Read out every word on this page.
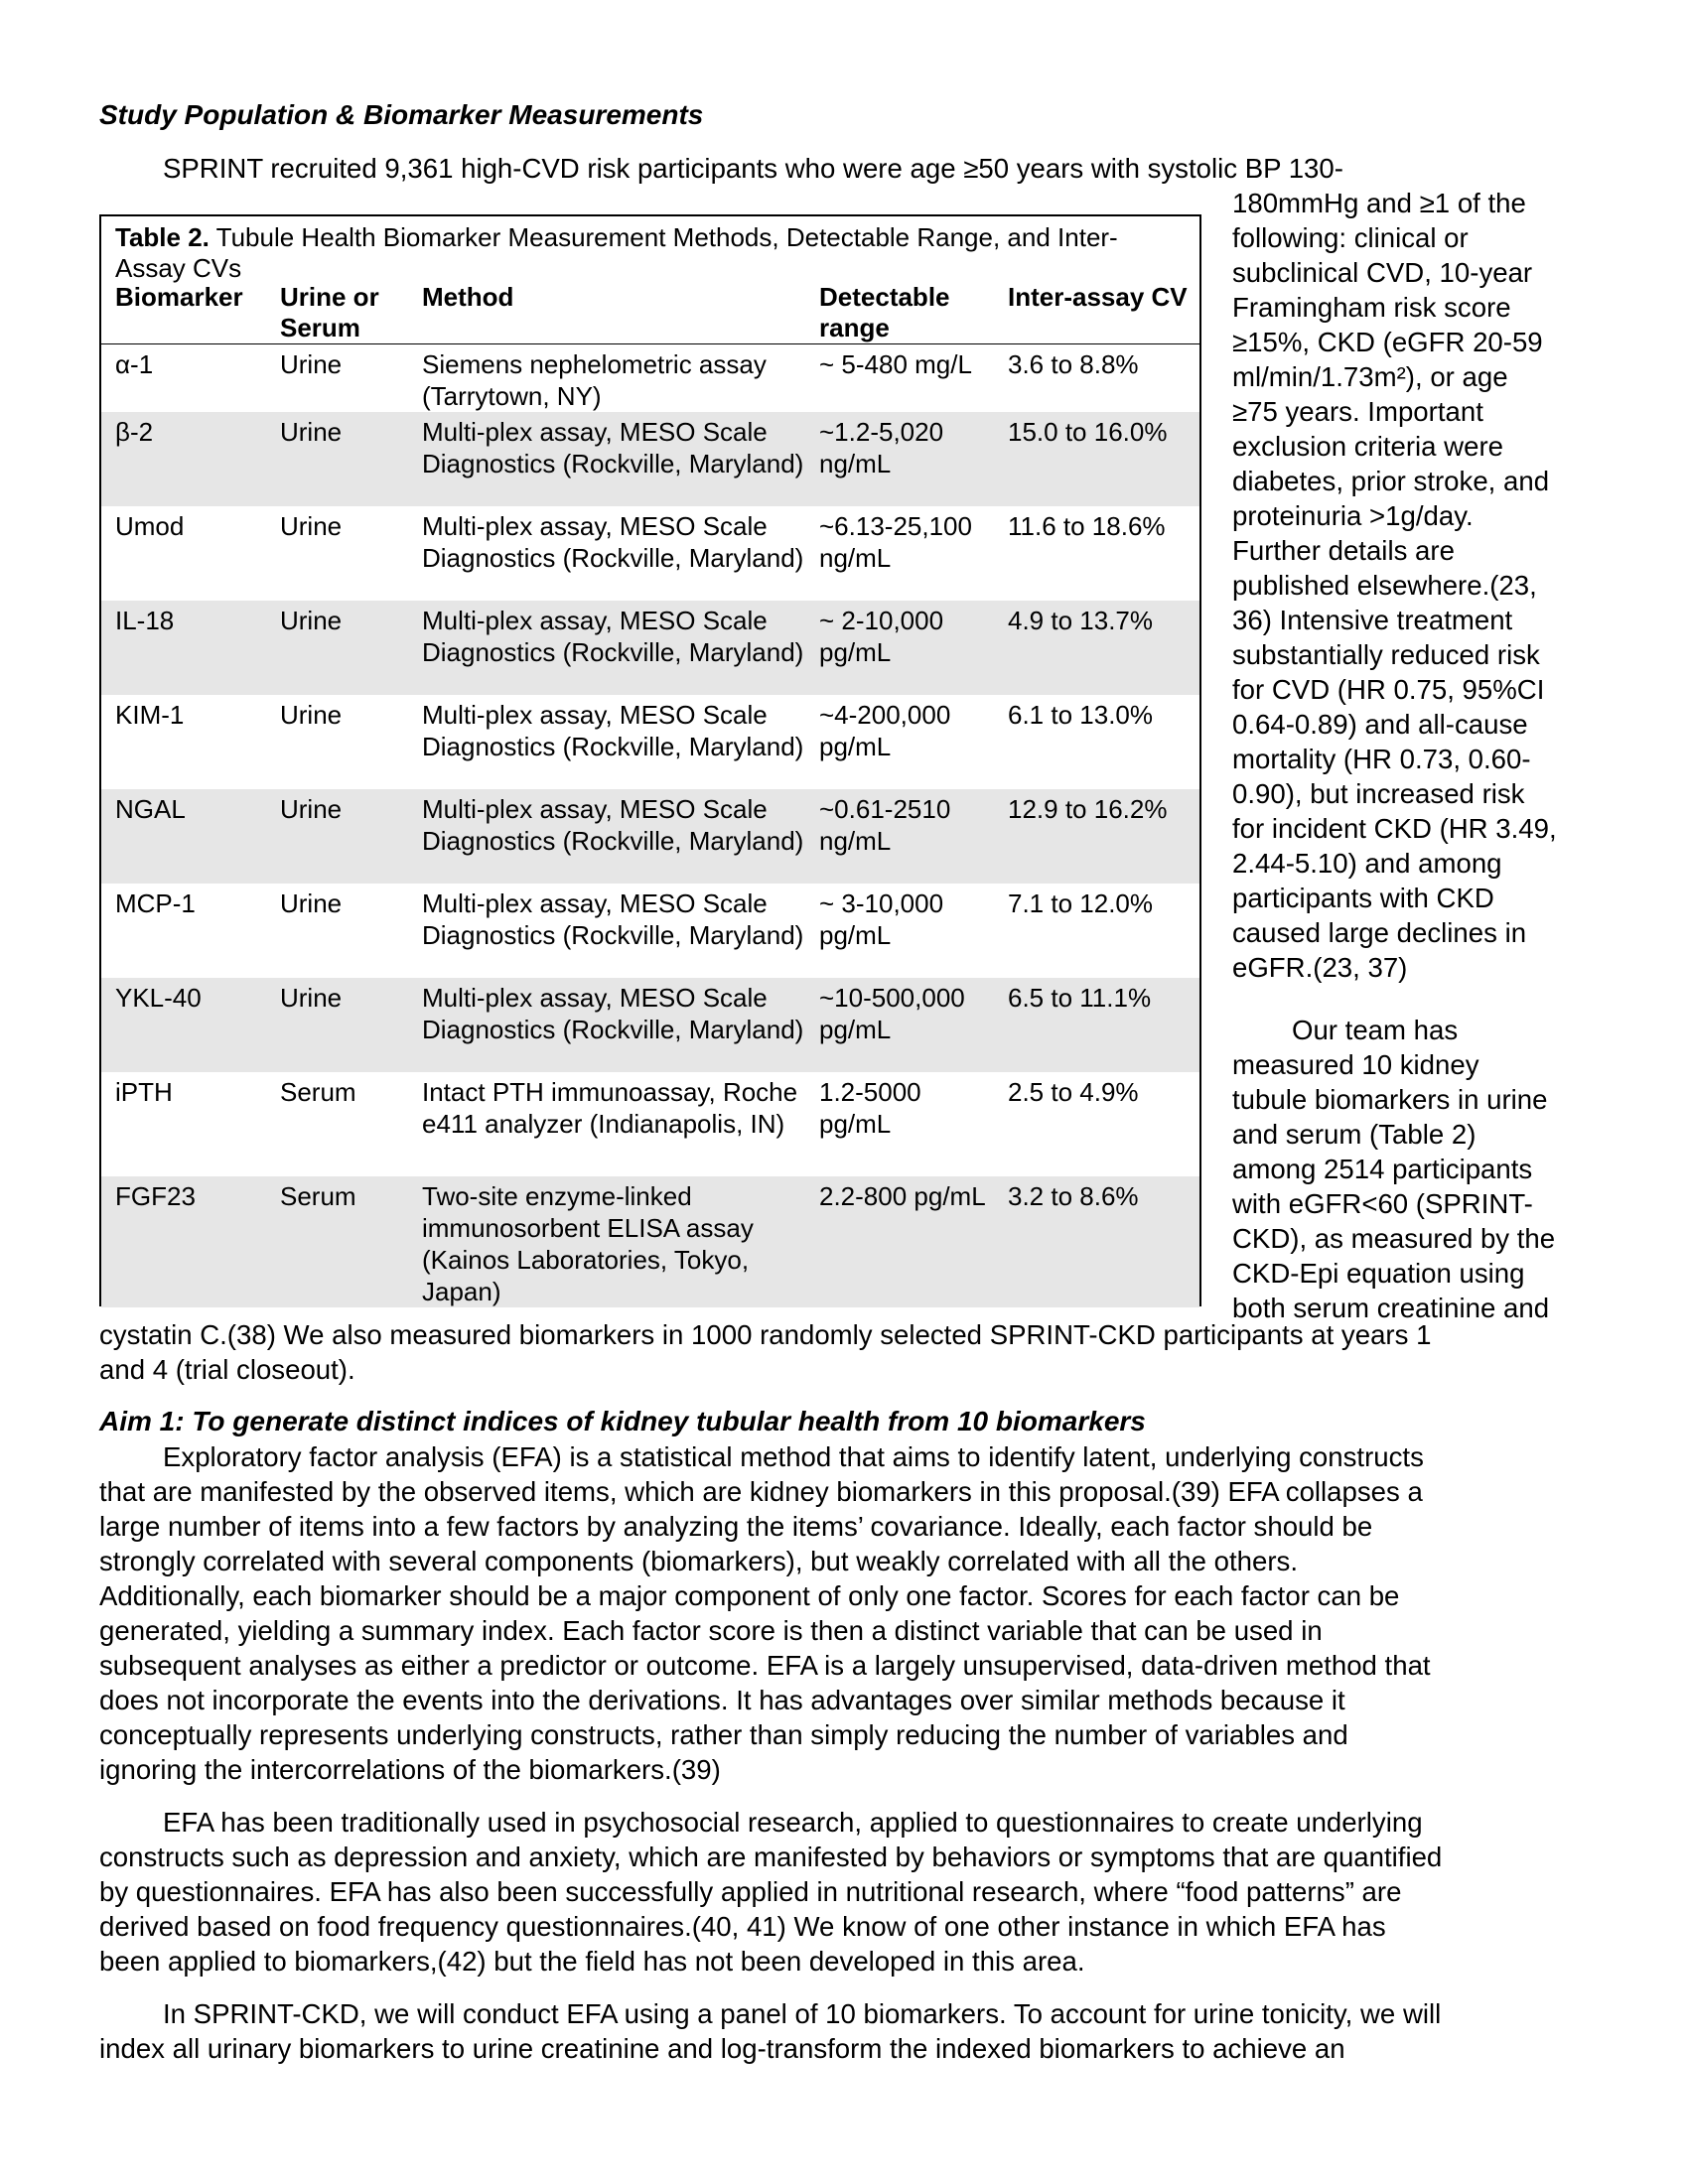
Study Population & Biomarker Measurements
SPRINT recruited 9,361 high-CVD risk participants who were age ≥50 years with systolic BP 130-
Table 2. Tubule Health Biomarker Measurement Methods, Detectable Range, and Inter-Assay CVs
Biomarker	Urine or Serum	Method	Detectable range	Inter-assay CV
α-1	Urine	Siemens nephelometric assay (Tarrytown, NY)	~ 5-480 mg/L	3.6 to 8.8%
β-2	Urine	Multi-plex assay, MESO Scale Diagnostics (Rockville, Maryland)	~1.2-5,020 ng/mL	15.0 to 16.0%
Umod	Urine	Multi-plex assay, MESO Scale Diagnostics (Rockville, Maryland)	~6.13-25,100 ng/mL	11.6 to 18.6%
IL-18	Urine	Multi-plex assay, MESO Scale Diagnostics (Rockville, Maryland)	~ 2-10,000 pg/mL	4.9 to 13.7%
KIM-1	Urine	Multi-plex assay, MESO Scale Diagnostics (Rockville, Maryland)	~4-200,000 pg/mL	6.1 to 13.0%
NGAL	Urine	Multi-plex assay, MESO Scale Diagnostics (Rockville, Maryland)	~0.61-2510 ng/mL	12.9 to 16.2%
MCP-1	Urine	Multi-plex assay, MESO Scale Diagnostics (Rockville, Maryland)	~ 3-10,000 pg/mL	7.1 to 12.0%
YKL-40	Urine	Multi-plex assay, MESO Scale Diagnostics (Rockville, Maryland)	~10-500,000 pg/mL	6.5 to 11.1%
iPTH	Serum	Intact PTH immunoassay, Roche e411 analyzer (Indianapolis, IN)	1.2-5000 pg/mL	2.5 to 4.9%
FGF23	Serum	Two-site enzyme-linked immunosorbent ELISA assay (Kainos Laboratories, Tokyo, Japan)	2.2-800 pg/mL	3.2 to 8.6%
180mmHg and ≥1 of the
following: clinical or
subclinical CVD, 10-year
Framingham risk score
≥15%, CKD (eGFR 20-59
ml/min/1.73m²), or age
≥75 years. Important
exclusion criteria were
diabetes, prior stroke, and
proteinuria >1g/day.
Further details are
published elsewhere.(23,
36) Intensive treatment
substantially reduced risk
for CVD (HR 0.75, 95%CI
0.64-0.89) and all-cause
mortality (HR 0.73, 0.60-
0.90), but increased risk
for incident CKD (HR 3.49,
2.44-5.10) and among
participants with CKD
caused large declines in
eGFR.(23, 37)
Our team has
measured 10 kidney
tubule biomarkers in urine
and serum (Table 2)
among 2514 participants
with eGFR<60 (SPRINT-
CKD), as measured by the
CKD-Epi equation using
both serum creatinine and
cystatin C.(38) We also measured biomarkers in 1000 randomly selected SPRINT-CKD participants at years 1
and 4 (trial closeout).
Aim 1: To generate distinct indices of kidney tubular health from 10 biomarkers
Exploratory factor analysis (EFA) is a statistical method that aims to identify latent, underlying constructs
that are manifested by the observed items, which are kidney biomarkers in this proposal.(39) EFA collapses a
large number of items into a few factors by analyzing the items’ covariance. Ideally, each factor should be
strongly correlated with several components (biomarkers), but weakly correlated with all the others.
Additionally, each biomarker should be a major component of only one factor. Scores for each factor can be
generated, yielding a summary index. Each factor score is then a distinct variable that can be used in
subsequent analyses as either a predictor or outcome. EFA is a largely unsupervised, data-driven method that
does not incorporate the events into the derivations. It has advantages over similar methods because it
conceptually represents underlying constructs, rather than simply reducing the number of variables and
ignoring the intercorrelations of the biomarkers.(39)
EFA has been traditionally used in psychosocial research, applied to questionnaires to create underlying
constructs such as depression and anxiety, which are manifested by behaviors or symptoms that are quantified
by questionnaires. EFA has also been successfully applied in nutritional research, where “food patterns” are
derived based on food frequency questionnaires.(40, 41) We know of one other instance in which EFA has
been applied to biomarkers,(42) but the field has not been developed in this area.
In SPRINT-CKD, we will conduct EFA using a panel of 10 biomarkers. To account for urine tonicity, we will
index all urinary biomarkers to urine creatinine and log-transform the indexed biomarkers to achieve an
